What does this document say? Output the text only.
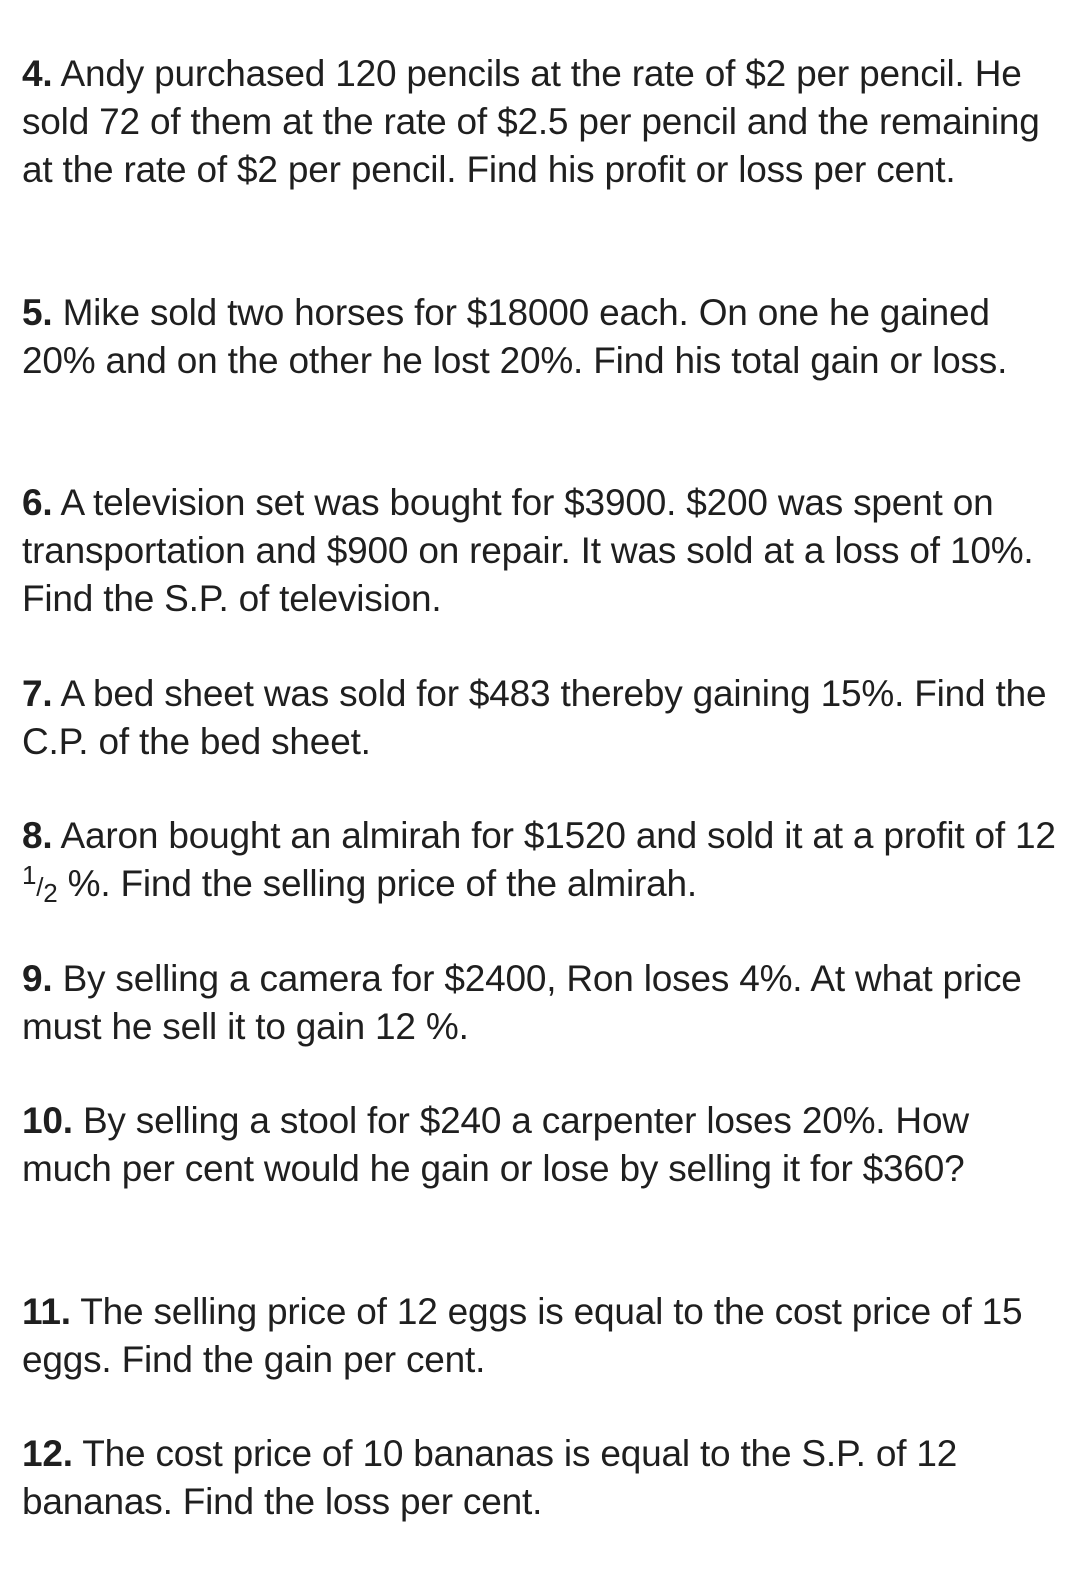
4. Andy purchased 120 pencils at the rate of $2 per pencil. He sold 72 of them at the rate of $2.5 per pencil and the remaining at the rate of $2 per pencil. Find his profit or loss per cent.

5. Mike sold two horses for $18000 each. On one he gained 20% and on the other he lost 20%. Find his total gain or loss.

6. A television set was bought for $3900. $200 was spent on transportation and $900 on repair. It was sold at a loss of 10%. Find the S.P. of television.

7. A bed sheet was sold for $483 thereby gaining 15%. Find the C.P. of the bed sheet.

8. Aaron bought an almirah for $1520 and sold it at a profit of 12 1/2 %. Find the selling price of the almirah.

9. By selling a camera for $2400, Ron loses 4%. At what price must he sell it to gain 12 %.

10. By selling a stool for $240 a carpenter loses 20%. How much per cent would he gain or lose by selling it for $360?

11. The selling price of 12 eggs is equal to the cost price of 15 eggs. Find the gain per cent.

12. The cost price of 10 bananas is equal to the S.P. of 12 bananas. Find the loss per cent.
